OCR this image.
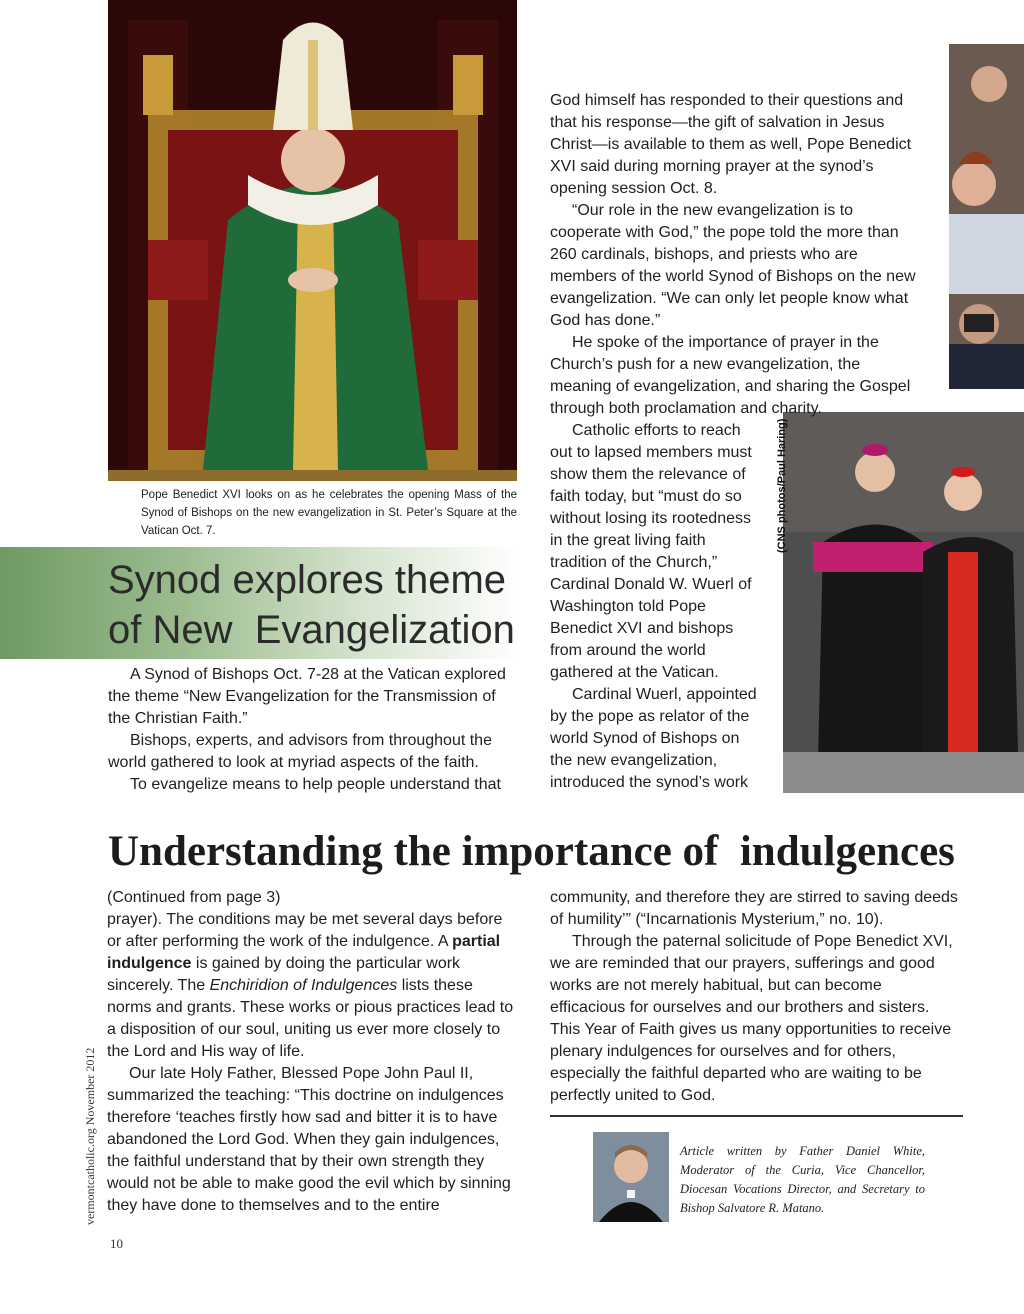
(CNS photos/Paul Haring)
Pope Benedict XVI looks on as he celebrates the opening Mass of the Synod of Bishops on the new evangelization in St. Peter’s Square at the Vatican Oct. 7.
Synod explores theme
of New  Evangelization

A Synod of Bishops Oct. 7-28 at the Vatican explored the theme “New Evangelization for the Transmission of the Christian Faith.”

Bishops, experts, and advisors from throughout the world gathered to look at myriad aspects of the faith.

To evangelize means to help people understand that

God himself has responded to their questions and that his response—the gift of salvation in Jesus Christ—is available to them as well, Pope Benedict XVI said during morning prayer at the synod’s opening session Oct. 8.

“Our role in the new evangelization is to cooperate with God,” the pope told the more than 260 cardinals, bishops, and priests who are members of the world Synod of Bishops on the new evangelization. “We can only let people know what God has done.”

He spoke of the importance of prayer in the Church’s push for a new evangelization, the meaning of evangelization, and sharing the Gospel through both proclamation and charity.

Catholic efforts to reach out to lapsed members must show them the relevance of faith today, but “must do so without losing its rootedness in the great living faith tradition of the Church,” Cardinal Donald W. Wuerl of Washington told Pope Benedict XVI and bishops from around the world gathered at the Vatican.

Cardinal Wuerl, appointed by the pope as relator of the world Synod of Bishops on the new evangelization, introduced the synod’s work

Understanding the importance of  indulgences

(Continued from page 3)

prayer). The conditions may be met several days before or after performing the work of the indulgence. A partial indulgence is gained by doing the particular work sincerely. The Enchiridion of Indulgences lists these norms and grants. These works or pious practices lead to a disposition of our soul, uniting us ever more closely to the Lord and His way of life.

Our late Holy Father, Blessed Pope John Paul II, summarized the teaching: “This doctrine on indulgences therefore ‘teaches firstly how sad and bitter it is to have abandoned the Lord God. When they gain indulgences, the faithful understand that by their own strength they would not be able to make good the evil which by sinning they have done to themselves and to the entire

community, and therefore they are stirred to saving deeds of humility’” (“Incarnationis Mysterium,” no. 10).

Through the paternal solicitude of Pope Benedict XVI, we are reminded that our prayers, sufferings and good works are not merely habitual, but can become efficacious for ourselves and our brothers and sisters. This Year of Faith gives us many opportunities to receive plenary indulgences for ourselves and for others, especially the faithful departed who are waiting to be perfectly united to God.

Article written by Father Daniel White, Moderator of the Curia, Vice Chancellor, Diocesan Vocations Director, and Secretary to Bishop Salvatore R. Matano.
vermontcatholic.org November 2012
10
